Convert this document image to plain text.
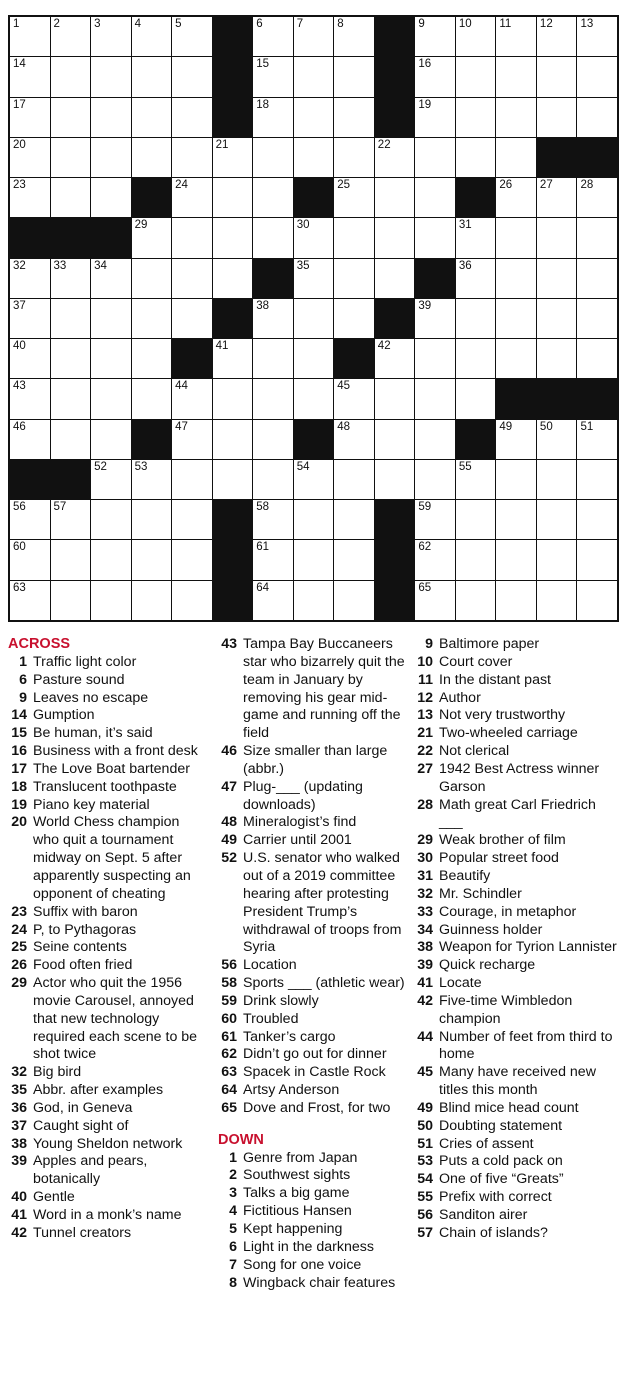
1	2	3	4	5	6	7	8	9	10 11 12 13
14	15	16
17	18	19
20	21	22
23	24	25	26 27 28
29	30	31
32 33 34	35	36
37	38	39
40	41	42
43	44	45
46	47	48	49 50 51
52 53	54	55
56 57	58	59
60	61	62
63	64	65
ACROSS
1 Traffic light color
6 Pasture sound
9 Leaves no escape
14 Gumption
15 Be human, it’s said
16 Business with a front desk
17 The Love Boat bartender
18 Translucent toothpaste
19 Piano key material
20 World Chess champion who quit a tournament midway on Sept. 5 after apparently suspecting an opponent of cheating
23 Suffix with baron
24 P, to Pythagoras
25 Seine contents
26 Food often fried
29 Actor who quit the 1956 movie Carousel, annoyed that new technology required each scene to be shot twice
32 Big bird
35 Abbr. after examples
36 God, in Geneva
37 Caught sight of
38 Young Sheldon network
39 Apples and pears, botanically
40 Gentle
41 Word in a monk’s name
42 Tunnel creators
43 Tampa Bay Buccaneers star who bizarrely quit the team in January by removing his gear mid-game and running off the field
46 Size smaller than large (abbr.)
47 Plug-___ (updating downloads)
48 Mineralogist’s find
49 Carrier until 2001
52 U.S. senator who walked out of a 2019 committee hearing after protesting President Trump’s withdrawal of troops from Syria
56 Location
58 Sports ___ (athletic wear)
59 Drink slowly
60 Troubled
61 Tanker’s cargo
62 Didn’t go out for dinner
63 Spacek in Castle Rock
64 Artsy Anderson
65 Dove and Frost, for two
DOWN
1 Genre from Japan
2 Southwest sights
3 Talks a big game
4 Fictitious Hansen
5 Kept happening
6 Light in the darkness
7 Song for one voice
8 Wingback chair features
9 Baltimore paper
10 Court cover
11 In the distant past
12 Author
13 Not very trustworthy
21 Two-wheeled carriage
22 Not clerical
27 1942 Best Actress winner Garson
28 Math great Carl Friedrich ___
29 Weak brother of film
30 Popular street food
31 Beautify
32 Mr. Schindler
33 Courage, in metaphor
34 Guinness holder
38 Weapon for Tyrion Lannister
39 Quick recharge
41 Locate
42 Five-time Wimbledon champion
44 Number of feet from third to home
45 Many have received new titles this month
49 Blind mice head count
50 Doubting statement
51 Cries of assent
53 Puts a cold pack on
54 One of five “Greats”
55 Prefix with correct
56 Sanditon airer
57 Chain of islands?
